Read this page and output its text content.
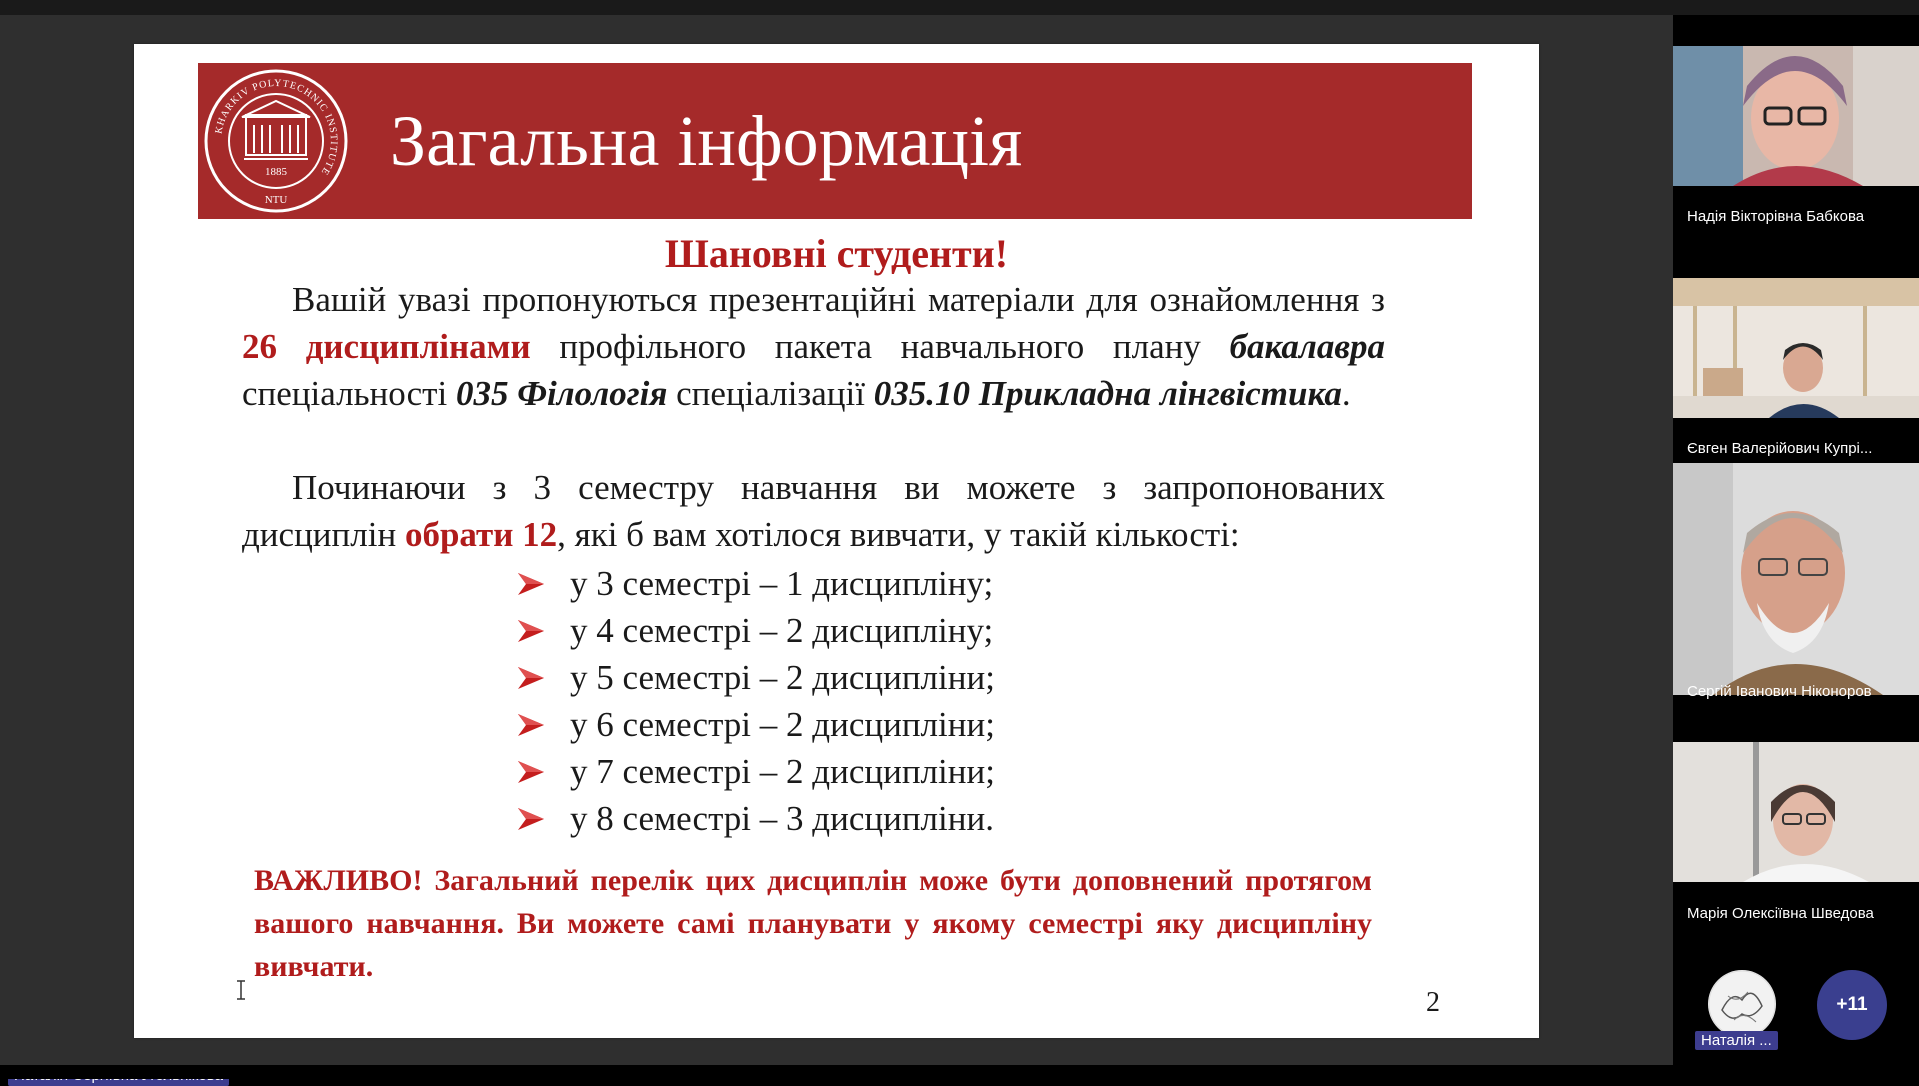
KHARKIV POLYTECHNIC INSTITUTE
1885
NTU
Загальна інформація
Шановні студенти!
Вашій увазі пропонуються презентаційні матеріали для ознайомлення з 26 дисциплінами профільного пакета навчального плану бакалавра спеціальності 035 Філологія спеціалізації 035.10 Прикладна лінгвістика.
Починаючи з 3 семестру навчання ви можете з запропонованих дисциплін обрати 12, які б вам хотілося вивчати, у такій кількості:
у 3 семестрі – 1 дисципліну;
у 4 семестрі – 2 дисципліну;
у 5 семестрі – 2 дисципліни;
у 6 семестрі – 2 дисципліни;
у 7 семестрі – 2 дисципліни;
у 8 семестрі – 3 дисципліни.
ВАЖЛИВО! Загальний перелік цих дисциплін може бути доповнений протягом вашого навчання. Ви можете самі планувати у якому семестрі яку дисципліну вивчати.
2
Надія Вікторівна Бабкова
Євген Валерійович Купрі...
Сергій Іванович Ніконоров
Марія Олексіївна Шведова
Наталія ...
+11
